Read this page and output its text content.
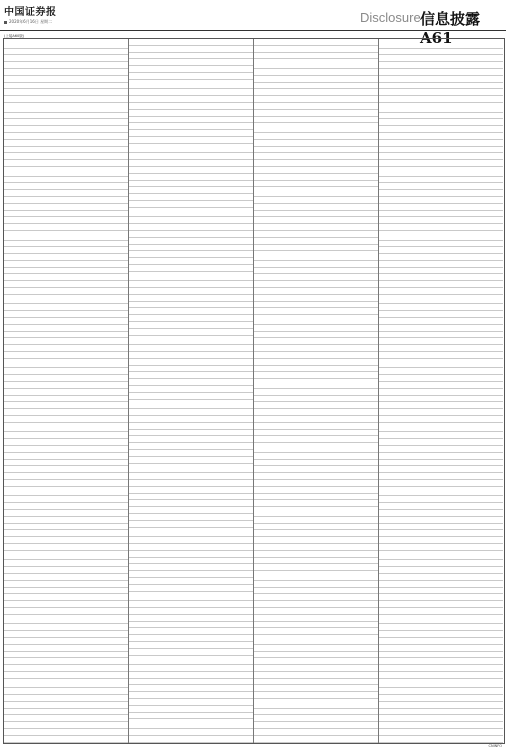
中国证券报
2020年6月16日 星期二	Disclosure 信息披露 A61
(上接A60版)
CNINFO
